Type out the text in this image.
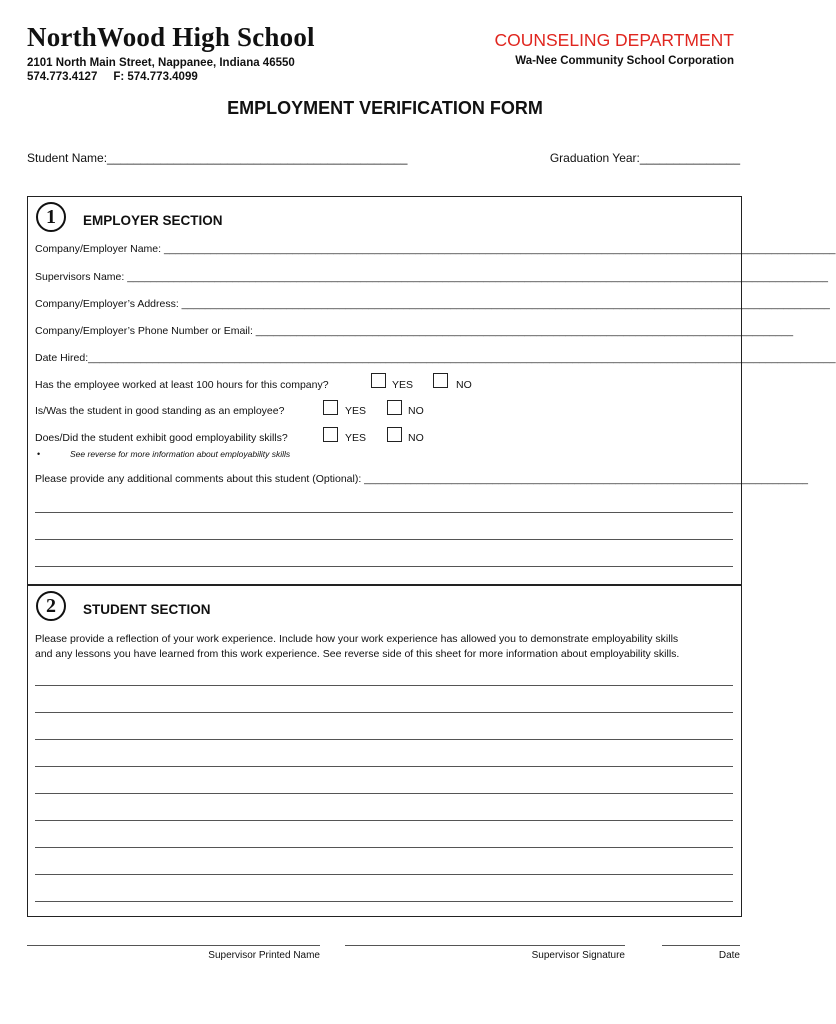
NorthWood High School
2101 North Main Street, Nappanee, Indiana 46550
574.773.4127 F: 574.773.4099
COUNSELING DEPARTMENT
Wa-Nee Community School Corporation
EMPLOYMENT VERIFICATION FORM
Student Name:_____________________________________________	Graduation Year:_______________
1	EMPLOYER SECTION
Company/Employer Name: ___________________________________________________________________________________________________________________
Supervisors Name: ________________________________________________________________________________________________________________________
Company/Employer’s Address: _______________________________________________________________________________________________________________
Company/Employer’s Phone Number or Email: ____________________________________________________________________________________________
Date Hired:________________________________________________________________________________________________________________________________
Has the employee worked at least 100 hours for this company?	YES	NO
Is/Was the student in good standing as an employee?	YES	NO
Does/Did the student exhibit good employability skills?	YES	NO
•	See reverse for more information about employability skills
Please provide any additional comments about this student (Optional): ____________________________________________________________________________
2	STUDENT SECTION
Please provide a reflection of your work experience. Include how your work experience has allowed you to demonstrate employability skills
and any lessons you have learned from this work experience. See reverse side of this sheet for more information about employability skills.
Supervisor Printed Name	Supervisor Signature	Date
